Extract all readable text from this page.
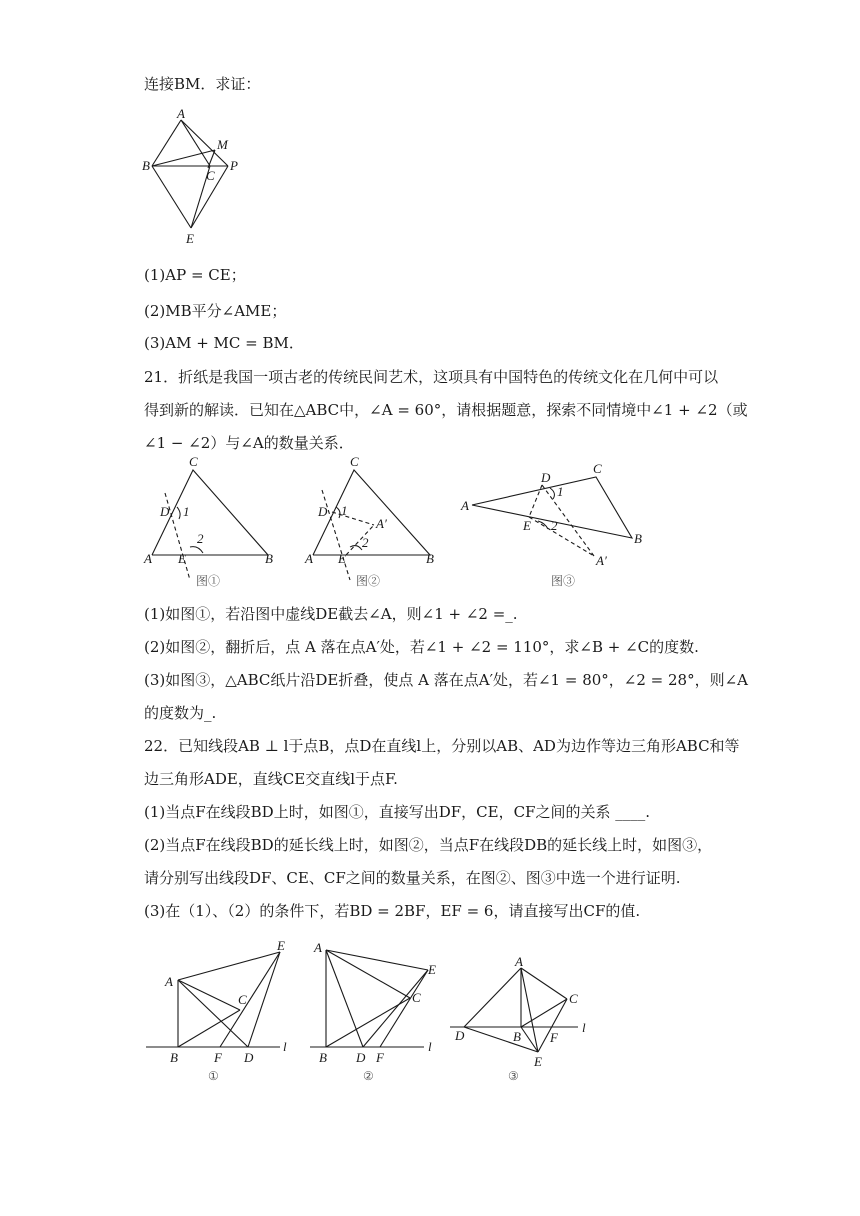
连接BM．求证：
(1)AP = CE；
(2)MB平分∠AME；
(3)AM + MC = BM．
21．折纸是我国一项古老的传统民间艺术，这项具有中国特色的传统文化在几何中可以
得到新的解读．已知在△ABC中，∠A = 60°，请根据题意，探索不同情境中∠1 + ∠2（或
∠1 − ∠2）与∠A的数量关系．
(1)如图①，若沿图中虚线DE截去∠A，则∠1 + ∠2 =_.
(2)如图②，翻折后，点 A 落在点A′处，若∠1 + ∠2 = 110°，求∠B + ∠C的度数.
(3)如图③，△ABC纸片沿DE折叠，使点 A 落在点A′处，若∠1 = 80°，∠2 = 28°，则∠A
的度数为_.
22．已知线段AB ⊥ l于点B，点D在直线l上，分别以AB、AD为边作等边三角形ABC和等
边三角形ADE，直线CE交直线l于点F.
(1)当点F在线段BD上时，如图①，直接写出DF，CE，CF之间的关系 ____.
(2)当点F在线段BD的延长线上时，如图②，当点F在线段DB的延长线上时，如图③，
请分别写出线段DF、CE、CF之间的数量关系，在图②、图③中选一个进行证明.
(3)在（1）、（2）的条件下，若BD = 2BF，EF = 6，请直接写出CF的值.
A
M
B
C
P
E
C
D 1
2
A E	B
图①
C
D 1
A′
2
A E	B
图②
D
C
1
A
E 2
B
A′
图③
E
A
C
B	F D
l
①
A
E
C
B D F
l
②
A
C
D	B F
l
E
③
